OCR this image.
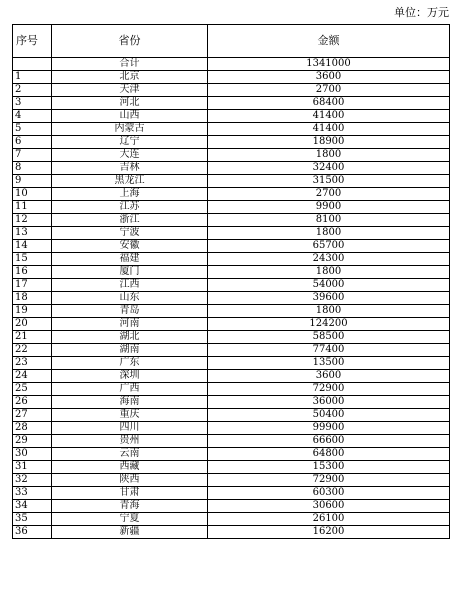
单位：万元
序号	省份	金额
	合计	1341000
1	北京	3600
2	天津	2700
3	河北	68400
4	山西	41400
5	内蒙古	41400
6	辽宁	18900
7	大连	1800
8	吉林	32400
9	黑龙江	31500
10	上海	2700
11	江苏	9900
12	浙江	8100
13	宁波	1800
14	安徽	65700
15	福建	24300
16	厦门	1800
17	江西	54000
18	山东	39600
19	青岛	1800
20	河南	124200
21	湖北	58500
22	湖南	77400
23	广东	13500
24	深圳	3600
25	广西	72900
26	海南	36000
27	重庆	50400
28	四川	99900
29	贵州	66600
30	云南	64800
31	西藏	15300
32	陕西	72900
33	甘肃	60300
34	青海	30600
35	宁夏	26100
36	新疆	16200
